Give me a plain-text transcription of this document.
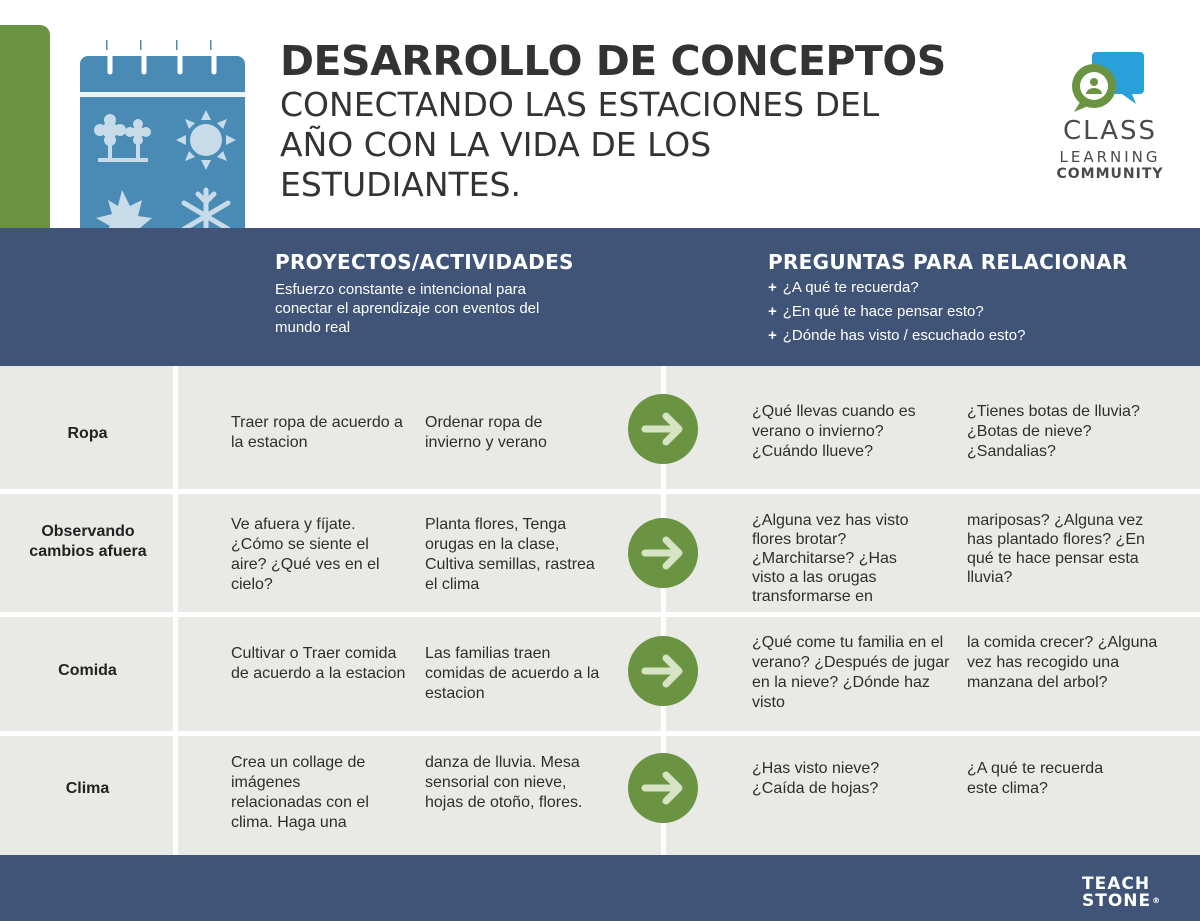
DESARROLLO DE CONCEPTOS
CONECTANDO LAS ESTACIONES DEL AÑO CON LA VIDA DE LOS ESTUDIANTES.
CLASS
LEARNING
COMMUNITY
PROYECTOS/ACTIVIDADES
Esfuerzo constante e intencional para conectar el aprendizaje con eventos del mundo real
PREGUNTAS PARA RELACIONAR
+ ¿A qué te recuerda?
+ ¿En qué te hace pensar esto?
+ ¿Dónde has visto / escuchado esto?
Ropa
Traer ropa de acuerdo a la estacion
Ordenar ropa de invierno y verano
¿Qué llevas cuando es verano o invierno? ¿Cuándo llueve?
¿Tienes botas de lluvia? ¿Botas de nieve? ¿Sandalias?
Observando cambios afuera
Ve afuera y fíjate. ¿Cómo se siente el aire? ¿Qué ves en el cielo?
Planta flores, Tenga orugas en la clase, Cultiva semillas, rastrea el clima
¿Alguna vez has visto flores brotar? ¿Marchitarse? ¿Has visto a las orugas transformarse en
mariposas? ¿Alguna vez has plantado flores? ¿En qué te hace pensar esta lluvia?
Comida
Cultivar o Traer comida de acuerdo a la estacion
Las familias traen comidas de acuerdo a la estacion
¿Qué come tu familia en el verano? ¿Después de jugar en la nieve? ¿Dónde haz visto
la comida crecer? ¿Alguna vez has recogido una manzana del arbol?
Clima
Crea un collage de imágenes relacionadas con el clima. Haga una
danza de lluvia. Mesa sensorial con nieve, hojas de otoño, flores.
¿Has visto nieve? ¿Caída de hojas?
¿A qué te recuerda este clima?
TEACH
STONE®
